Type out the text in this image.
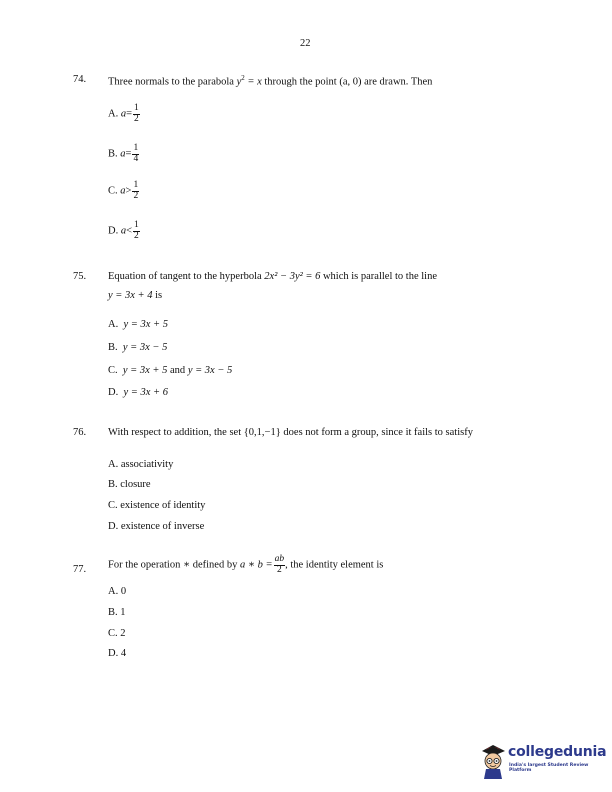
22
74. Three normals to the parabola $y^2 = x$ through the point (a, 0) are drawn. Then
A. $a= \frac{1}{2}$
B. $a= \frac{1}{4}$
C. $a> \frac{1}{2}$
D. $a< \frac{1}{2}$
75. Equation of tangent to the hyperbola 2x² − 3y² = 6 which is parallel to the line
y = 3x + 4 is
A. y = 3x + 5
B. y = 3x − 5
C. y = 3x + 5 and y = 3x − 5
D. y = 3x + 6
76. With respect to addition, the set {0,1,−1} does not form a group, since it fails to satisfy
A. associativity
B. closure
C. existence of identity
D. existence of inverse
77. For the operation ∗ defined by a ∗ $b = \frac{ab}{2}$ , the identity element is
A. 0
B. 1
C. 2
D. 4
collegedunia
India's largest Student Review Platform
